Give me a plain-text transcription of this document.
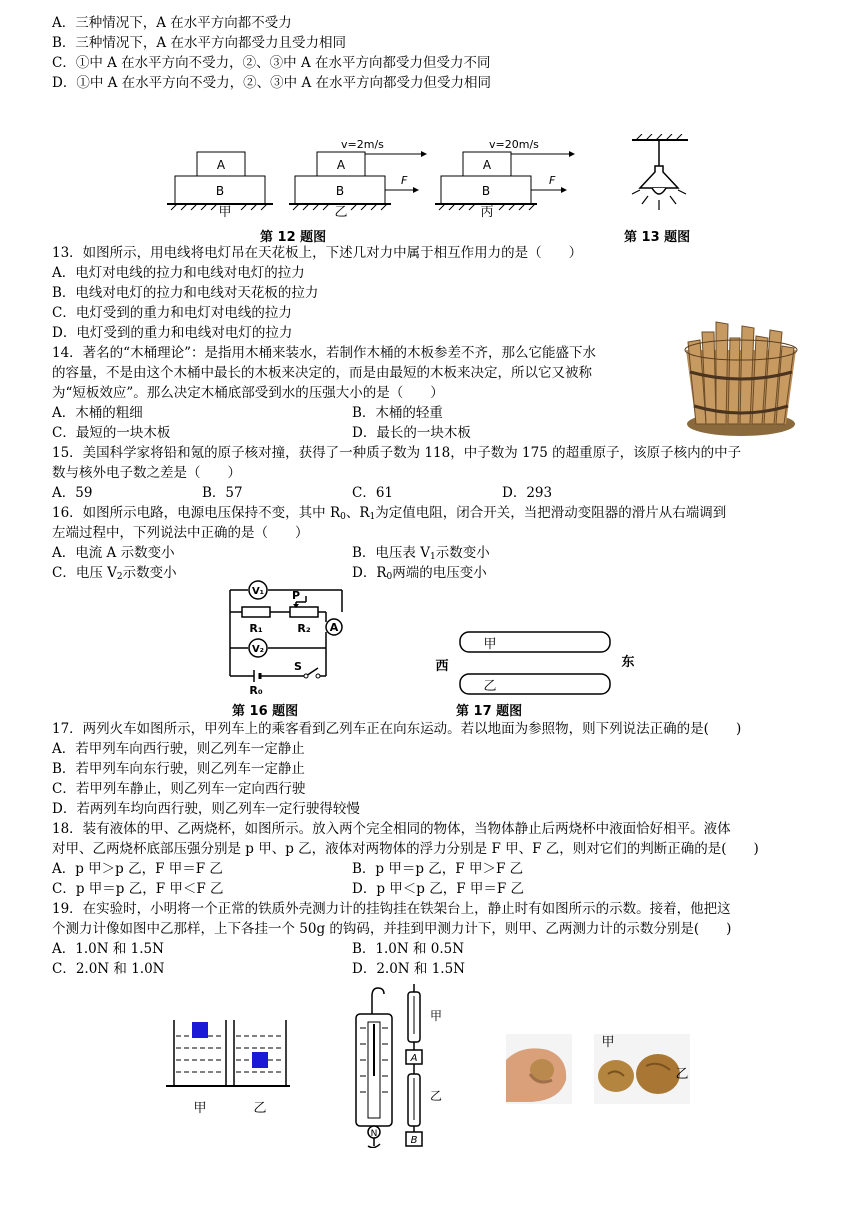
A．三种情况下，A 在水平方向都不受力
B．三种情况下，A 在水平方向都受力且受力相同
C．①中 A 在水平方向不受力，②、③中 A 在水平方向都受力但受力不同
D．①中 A 在水平方向不受力，②、③中 A 在水平方向都受力但受力相同
A
B
甲
v=2m/s
A
B
F
乙
v=20m/s
A
B
F
丙
第 12 题图	第 13 题图
13．如图所示，用电线将电灯吊在天花板上，下述几对力中属于相互作用力的是（　　）
A．电灯对电线的拉力和电线对电灯的拉力
B．电线对电灯的拉力和电线对天花板的拉力
C．电灯受到的重力和电灯对电线的拉力
D．电灯受到的重力和电线对电灯的拉力
14．著名的“木桶理论”：是指用木桶来装水，若制作木桶的木板参差不齐，那么它能盛下水
的容量，不是由这个木桶中最长的木板来决定的，而是由最短的木板来决定，所以它又被称
为“短板效应”。那么决定木桶底部受到水的压强大小的是（　　）
A．木桶的粗细	B．木桶的轻重
C．最短的一块木板	D．最长的一块木板
15．美国科学家将铅和氪的原子核对撞，获得了一种质子数为 118，中子数为 175 的超重原子，该原子核内的中子
数与核外电子数之差是（　　）
A．59	B．57	C．61	D．293
16．如图所示电路，电源电压保持不变，其中 $R_0$、$R_1$为定值电阻，闭合开关，当把滑动变阻器的滑片从右端调到
左端过程中，下列说法中正确的是（　　）
A．电流 A 示数变小	B．电压表 $V_1$示数变小
C．电压 $V_2$示数变小	D．$R_0$两端的电压变小
V₁
V₂
A
P
R₁	R₂
R₀
S
第 16 题图
甲
乙
西	东
第 17 题图
17．两列火车如图所示，甲列车上的乘客看到乙列车正在向东运动。若以地面为参照物，则下列说法正确的是(　　)
A．若甲列车向西行驶，则乙列车一定静止
B．若甲列车向东行驶，则乙列车一定静止
C．若甲列车静止，则乙列车一定向西行驶
D．若两列车均向西行驶，则乙列车一定行驶得较慢
18．装有液体的甲、乙两烧杯，如图所示。放入两个完全相同的物体，当物体静止后两烧杯中液面恰好相平。液体
对甲、乙两烧杯底部压强分别是 p 甲、p 乙，液体对两物体的浮力分别是 F 甲、F 乙，则对它们的判断正确的是(　　)
A．p 甲＞p 乙，F 甲＝F 乙	B．p 甲＝p 乙，F 甲＞F 乙
C．p 甲＝p 乙，F 甲＜F 乙	D．p 甲＜p 乙，F 甲＝F 乙
19．在实验时，小明将一个正常的铁质外壳测力计的挂钩挂在铁架台上，静止时有如图所示的示数。接着，他把这
个测力计像如图中乙那样，上下各挂一个 50g 的钩码，并挂到甲测力计下，则甲、乙两测力计的示数分别是(　　)
A．1.0N 和 1.5N	B．1.0N 和 0.5N
C．2.0N 和 1.0N	D．2.0N 和 1.5N
甲	乙
N
A
B
甲
乙
甲
乙
